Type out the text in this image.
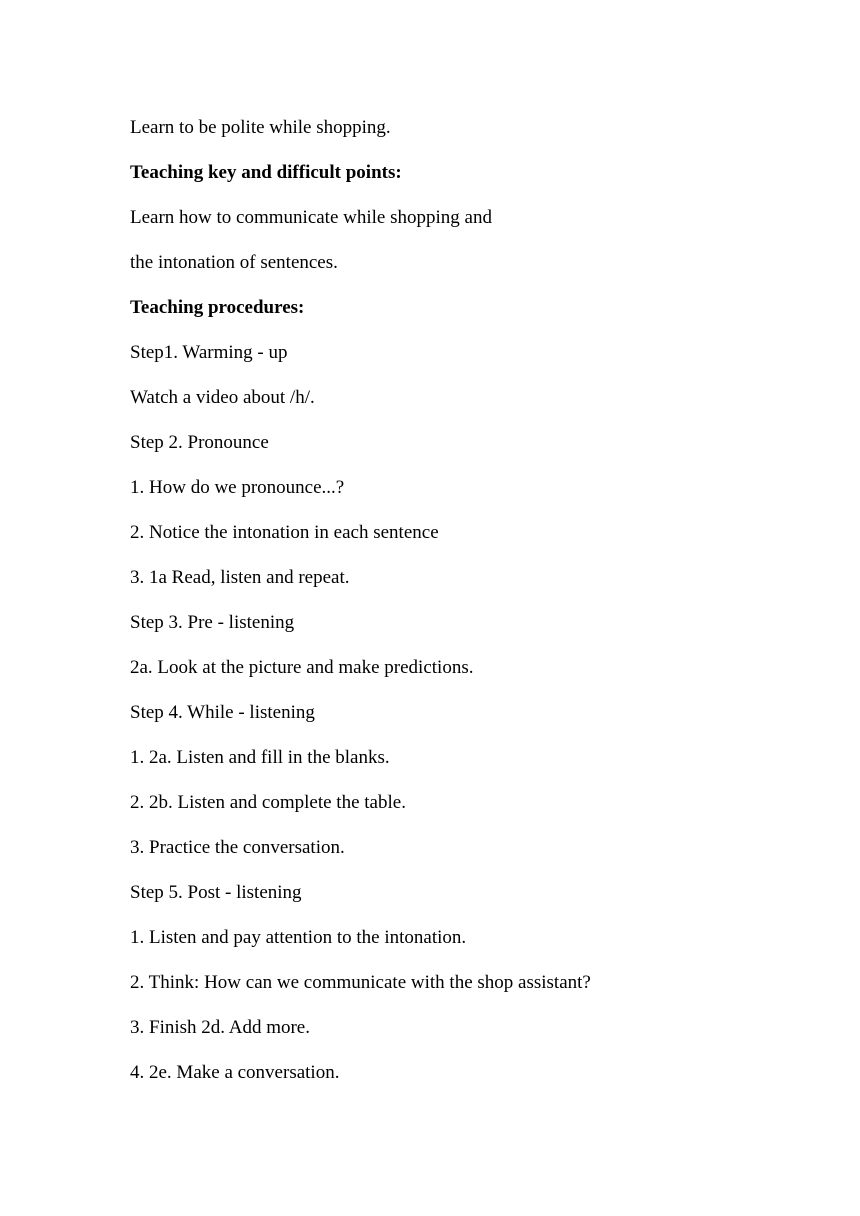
Learn to be polite while shopping.
Teaching key and difficult points:
Learn how to communicate while shopping and
the intonation of sentences.
Teaching procedures:
Step1. Warming - up
Watch a video about /h/.
Step 2. Pronounce
1. How do we pronounce...?
2. Notice the intonation in each sentence
3. 1a Read, listen and repeat.
Step 3. Pre - listening
2a. Look at the picture and make predictions.
Step 4. While - listening
1. 2a. Listen and fill in the blanks.
2. 2b. Listen and complete the table.
3. Practice the conversation.
Step 5. Post - listening
1. Listen and pay attention to the intonation.
2. Think: How can we communicate with the shop assistant?
3. Finish 2d. Add more.
4. 2e. Make a conversation.
